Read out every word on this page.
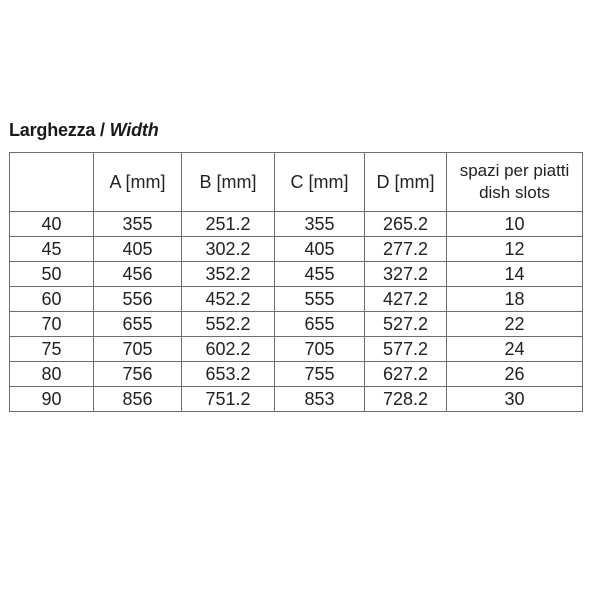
Larghezza / Width
	A [mm]	B [mm]	C [mm]	D [mm]	spazi per piatti
dish slots

40	355	251.2	355	265.2	10
45	405	302.2	405	277.2	12
50	456	352.2	455	327.2	14
60	556	452.2	555	427.2	18
70	655	552.2	655	527.2	22
75	705	602.2	705	577.2	24
80	756	653.2	755	627.2	26
90	856	751.2	853	728.2	30
